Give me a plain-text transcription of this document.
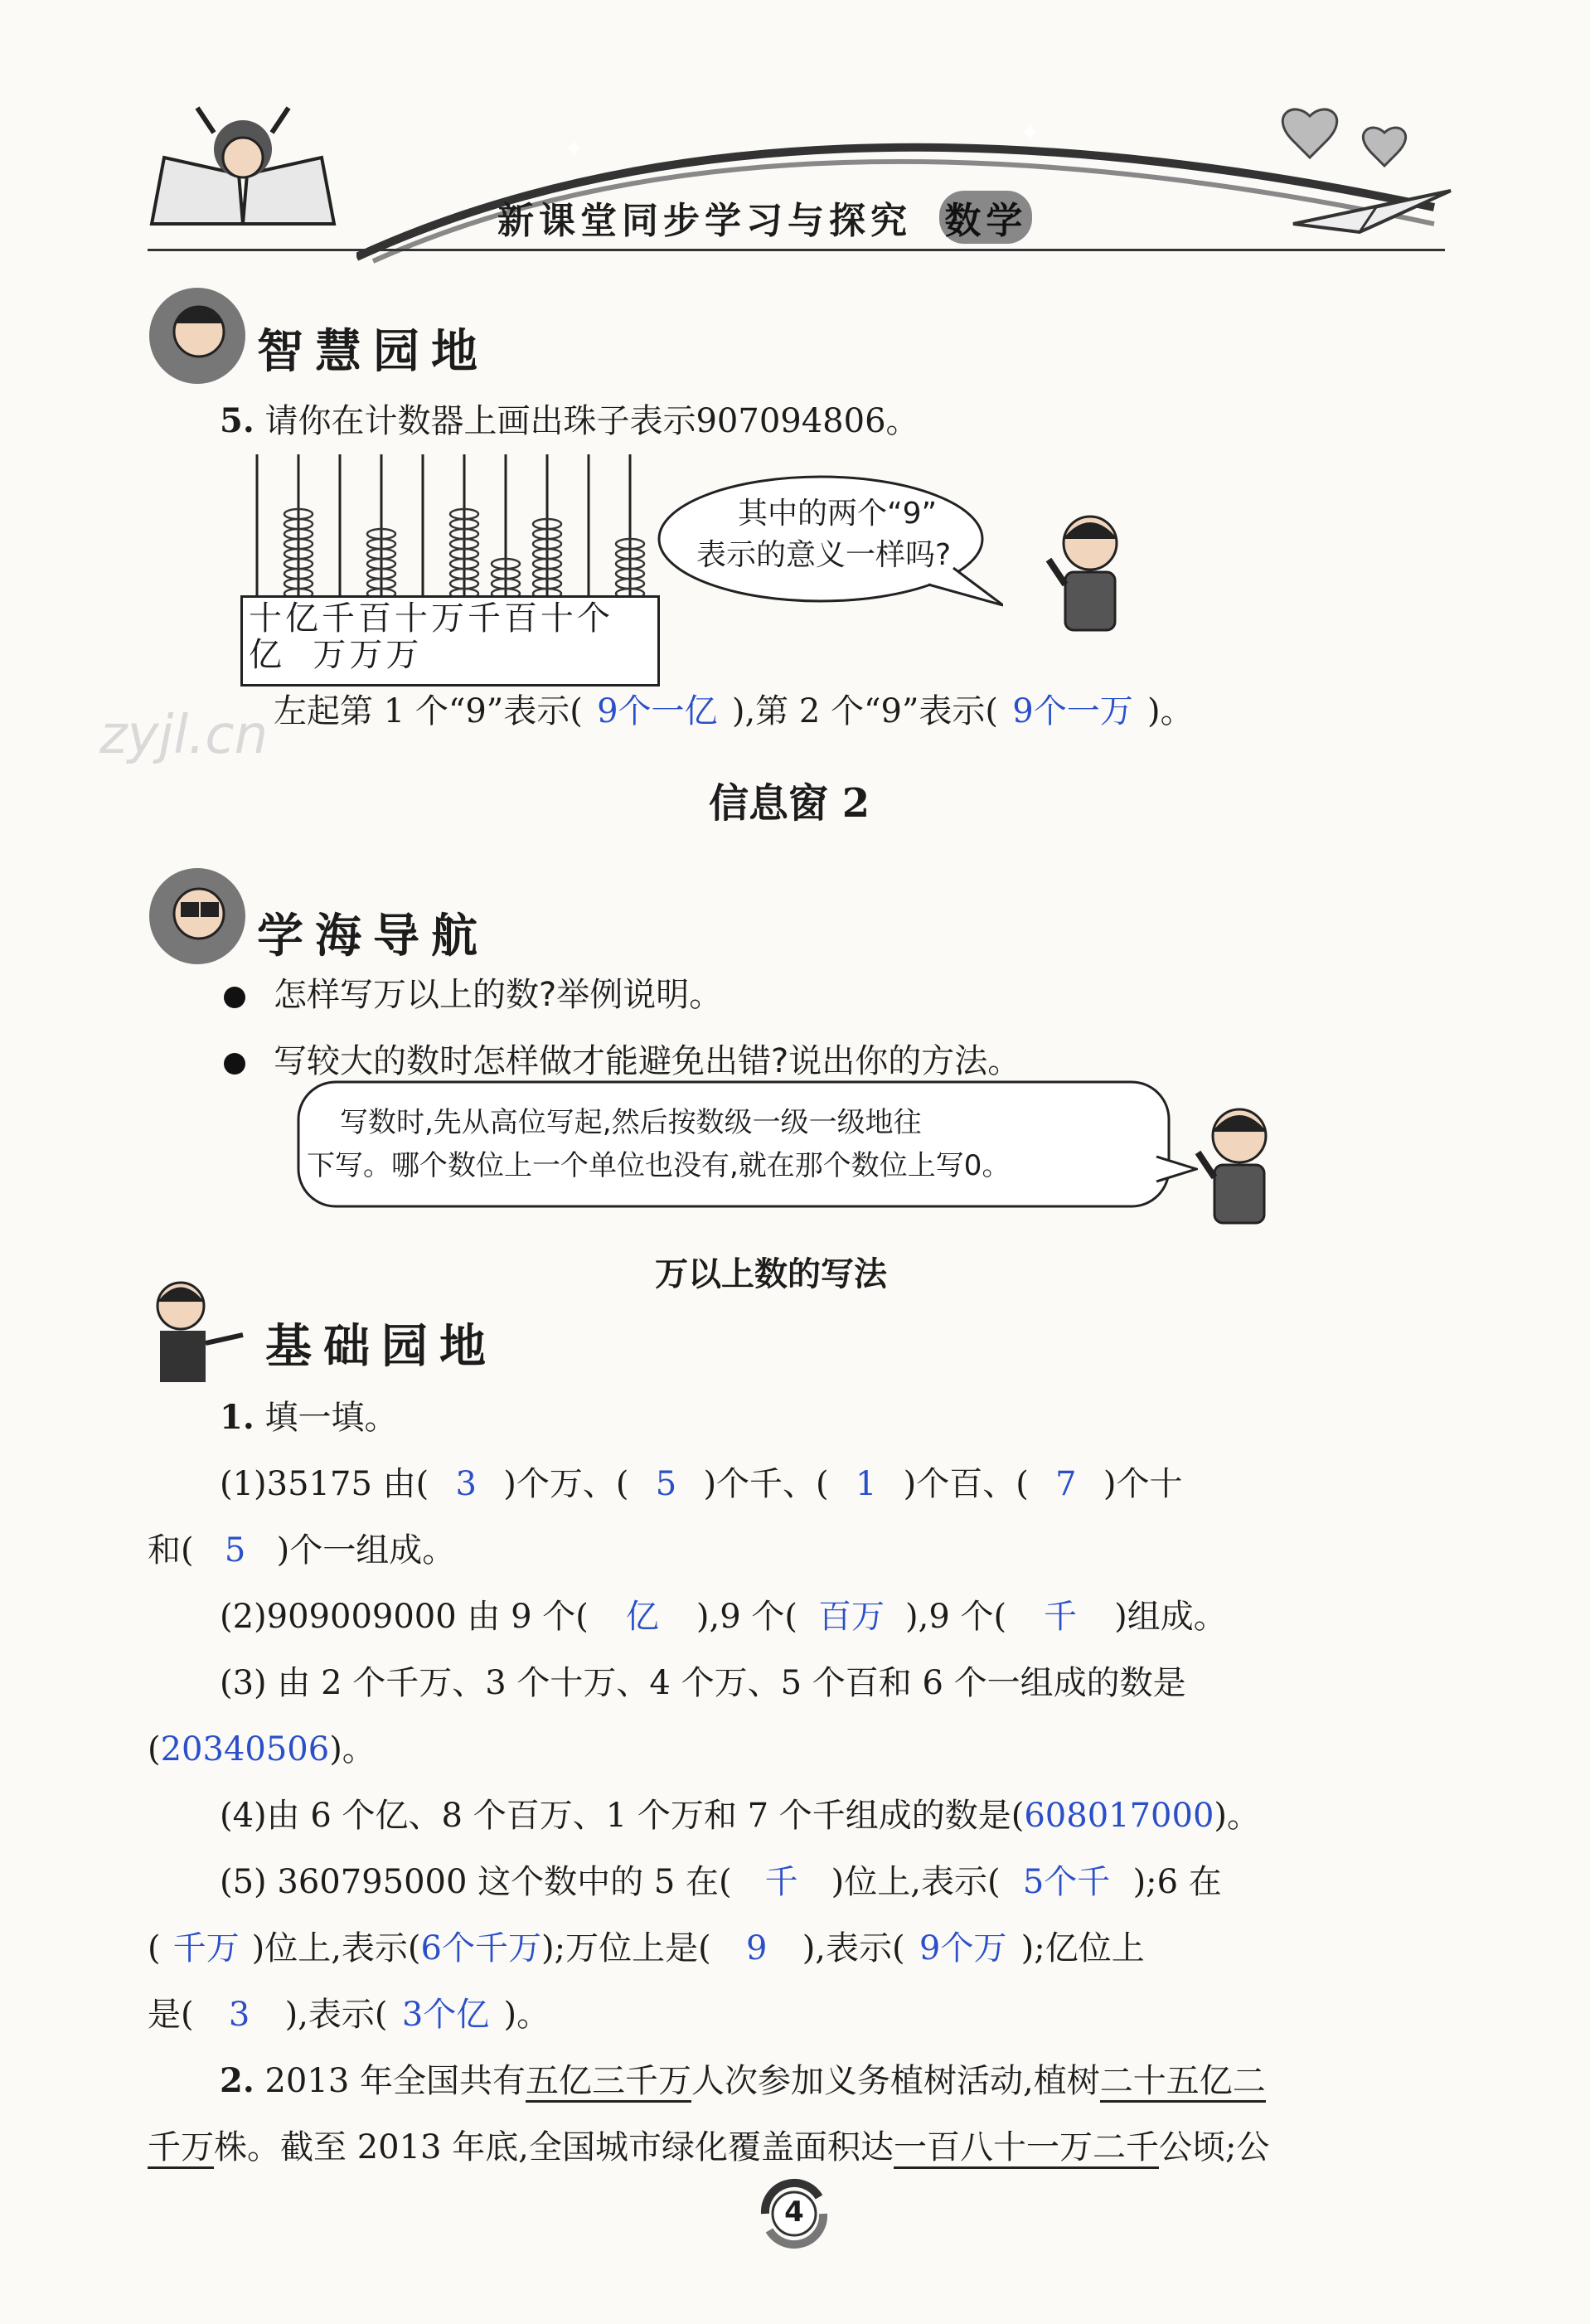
✦
✦
新课堂同步学习与探究 数学
zyjl.cn
智慧园地
5. 请你在计数器上画出珠子表示907094806。
十亿千百十万千百十个
亿  万万万
其中的两个“9”
表示的意义一样吗?
左起第 1 个“9”表示( 9个一亿 ),第 2 个“9”表示( 9个一万 )。
信息窗 2
学海导航
怎样写万以上的数?举例说明。
写较大的数时怎样做才能避免出错?说出你的方法。
写数时,先从高位写起,然后按数级一级一级地往
下写。哪个数位上一个单位也没有,就在那个数位上写0。
万以上数的写法
基础园地
1. 填一填。
(1)35175 由( 3 )个万、( 5 )个千、( 1 )个百、( 7 )个十
和( 5 )个一组成。
(2)909009000 由 9 个( 亿 ),9 个( 百万 ),9 个( 千 )组成。
(3) 由 2 个千万、3 个十万、4 个万、5 个百和 6 个一组成的数是
(20340506)。
(4)由 6 个亿、8 个百万、1 个万和 7 个千组成的数是(608017000)。
(5) 360795000 这个数中的 5 在( 千 )位上,表示( 5个千 );6 在
( 千万 )位上,表示(6个千万);万位上是( 9 ),表示( 9个万 );亿位上
是( 3 ),表示( 3个亿 )。
2. 2013 年全国共有五亿三千万人次参加义务植树活动,植树二十五亿二
千万株。截至 2013 年底,全国城市绿化覆盖面积达一百八十一万二千公顷;公
4
